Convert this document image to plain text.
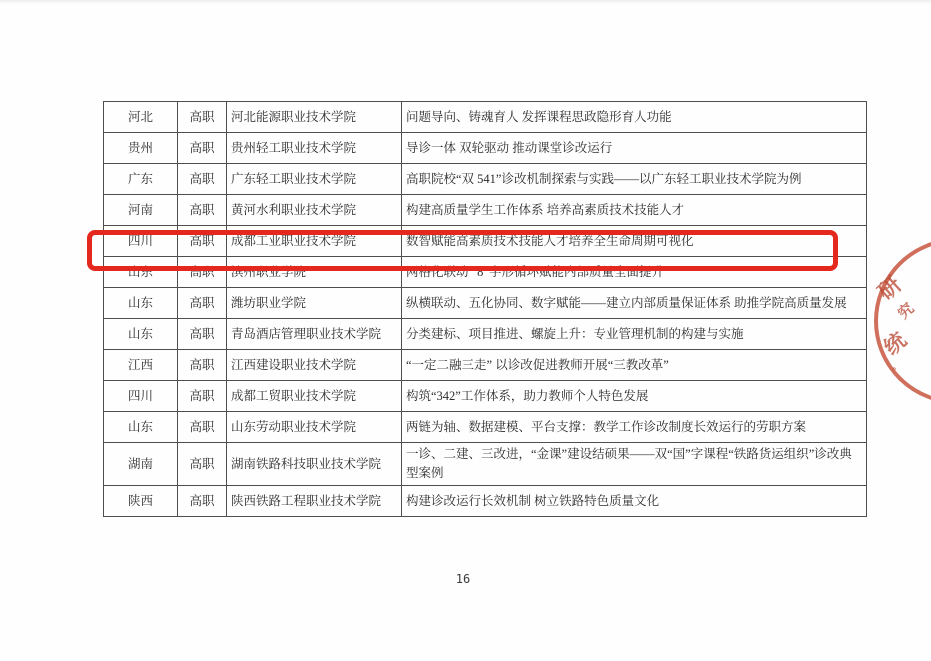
河北	高职	河北能源职业技术学院	问题导向、铸魂育人 发挥课程思政隐形育人功能
贵州	高职	贵州轻工职业技术学院	导诊一体 双轮驱动 推动课堂诊改运行
广东	高职	广东轻工职业技术学院	高职院校“双 541”诊改机制探索与实践——以广东轻工职业技术学院为例
河南	高职	黄河水利职业技术学院	构建高质量学生工作体系 培养高素质技术技能人才
四川	高职	成都工业职业技术学院	数智赋能高素质技术技能人才培养全生命周期可视化
山东	高职	滨州职业学院	网格化联动 “8”字形循环赋能内部质量全面提升
山东	高职	潍坊职业学院	纵横联动、五化协同、数字赋能——建立内部质量保证体系 助推学院高质量发展
山东	高职	青岛酒店管理职业技术学院	分类建标、项目推进、螺旋上升：专业管理机制的构建与实施
江西	高职	江西建设职业技术学院	“一定二融三走” 以诊改促进教师开展“三教改革”
四川	高职	成都工贸职业技术学院	构筑“342”工作体系，助力教师个人特色发展
山东	高职	山东劳动职业技术学院	两链为轴、数据建模、平台支撑：教学工作诊改制度长效运行的劳职方案
湖南	高职	湖南铁路科技职业技术学院	一诊、二建、三改进，“金课”建设结硕果——双“国”字课程“铁路货运组织”诊改典型案例
陕西	高职	陕西铁路工程职业技术学院	构建诊改运行长效机制 树立铁路特色质量文化
研
究
统
。
16
